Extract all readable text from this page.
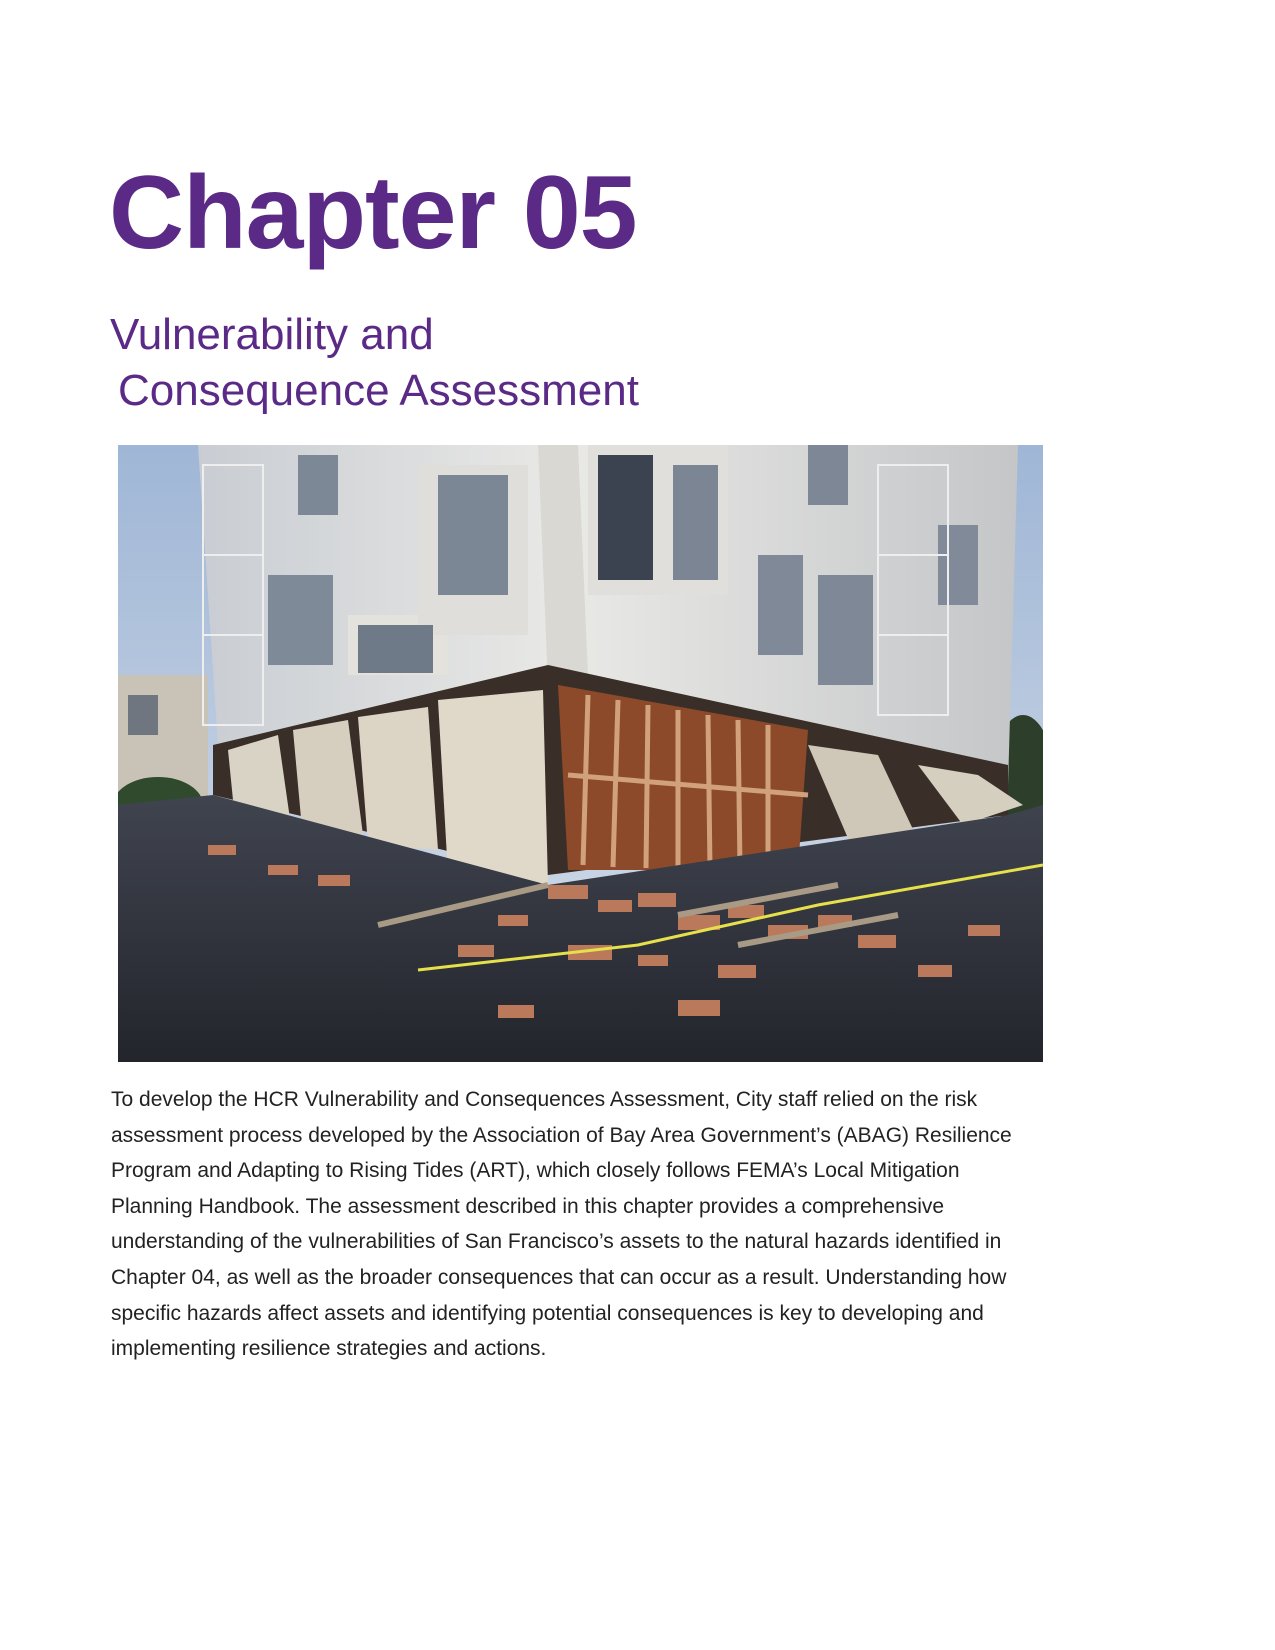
Chapter 05
Vulnerability and
Consequence Assessment

To develop the HCR Vulnerability and Consequences Assessment, City staff relied on the risk assessment process developed by the Association of Bay Area Government’s (ABAG) Resilience Program and Adapting to Rising Tides (ART), which closely follows FEMA’s Local Mitigation Planning Handbook. The assessment described in this chapter provides a comprehensive understanding of the vulnerabilities of San Francisco’s assets to the natural hazards identified in Chapter 04, as well as the broader consequences that can occur as a result. Understanding how specific hazards affect assets and identifying potential consequences is key to developing and implementing resilience strategies and actions.
